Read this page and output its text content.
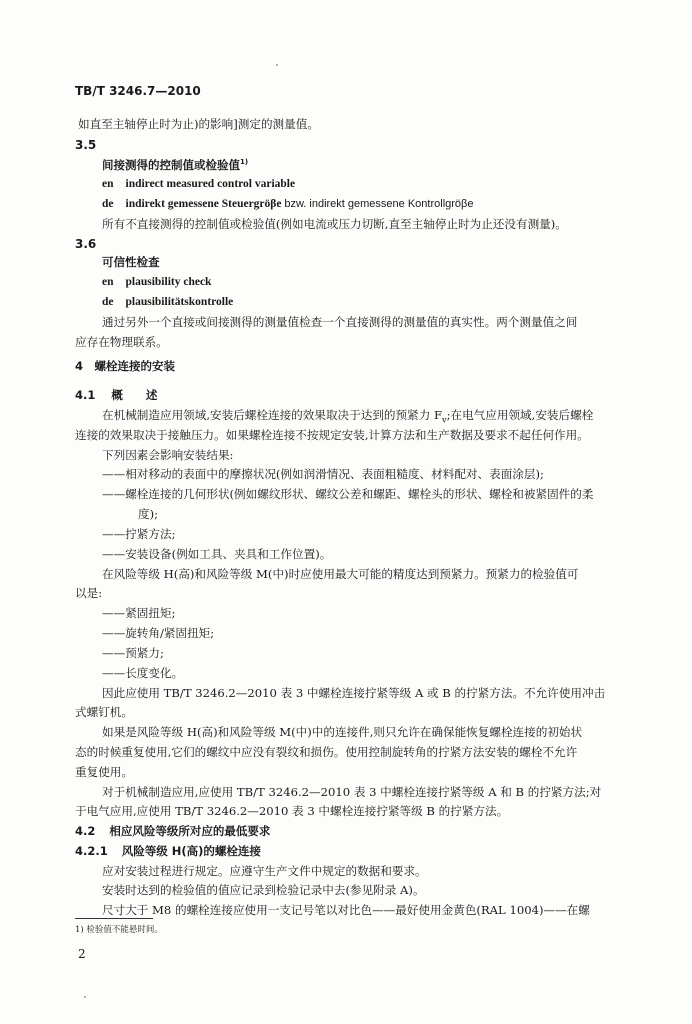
TB/T 3246.7—2010
如直至主轴停止时为止)的影响]测定的测量值。
3.5
间接测得的控制值或检验值$^{1)}$
en indirect measured control variable
de indirekt gemessene Steuergröβe bzw. indirekt gemessene Kontrollgröβe
所有不直接测得的控制值或检验值(例如电流或压力切断,直至主轴停止时为止还没有测量)。
3.6
可信性检查
en plausibility check
de plausibilitätskontrolle
通过另外一个直接或间接测得的测量值检查一个直接测得的测量值的真实性。两个测量值之间
应存在物理联系。
4　螺栓连接的安装
4.1 概　　述
在机械制造应用领域,安装后螺栓连接的效果取决于达到的预紧力 $F_v$;在电气应用领域,安装后螺栓
连接的效果取决于接触压力。如果螺栓连接不按规定安装,计算方法和生产数据及要求不起任何作用。
下列因素会影响安装结果:
——相对移动的表面中的摩擦状况(例如润滑情况、表面粗糙度、材料配对、表面涂层);
——螺栓连接的几何形状(例如螺纹形状、螺纹公差和螺距、螺栓头的形状、螺栓和被紧固件的柔
度);
——拧紧方法;
——安装设备(例如工具、夹具和工作位置)。
在风险等级 H(高)和风险等级 M(中)时应使用最大可能的精度达到预紧力。预紧力的检验值可
以是:
——紧固扭矩;
——旋转角/紧固扭矩;
——预紧力;
——长度变化。
因此应使用 TB/T 3246.2—2010 表 3 中螺栓连接拧紧等级 A 或 B 的拧紧方法。不允许使用冲击
式螺钉机。
如果是风险等级 H(高)和风险等级 M(中)中的连接件,则只允许在确保能恢复螺栓连接的初始状
态的时候重复使用,它们的螺纹中应没有裂纹和损伤。使用控制旋转角的拧紧方法安装的螺栓不允许
重复使用。
对于机械制造应用,应使用 TB/T 3246.2—2010 表 3 中螺栓连接拧紧等级 A 和 B 的拧紧方法;对
于电气应用,应使用 TB/T 3246.2—2010 表 3 中螺栓连接拧紧等级 B 的拧紧方法。
4.2 相应风险等级所对应的最低要求
4.2.1 风险等级 H(高)的螺栓连接
应对安装过程进行规定。应遵守生产文件中规定的数据和要求。
安装时达到的检验值的值应记录到检验记录中去(参见附录 A)。
尺寸大于 M8 的螺栓连接应使用一支记号笔以对比色——最好使用金黄色(RAL 1004)——在螺
1) 检验值不能悬时间。
2
